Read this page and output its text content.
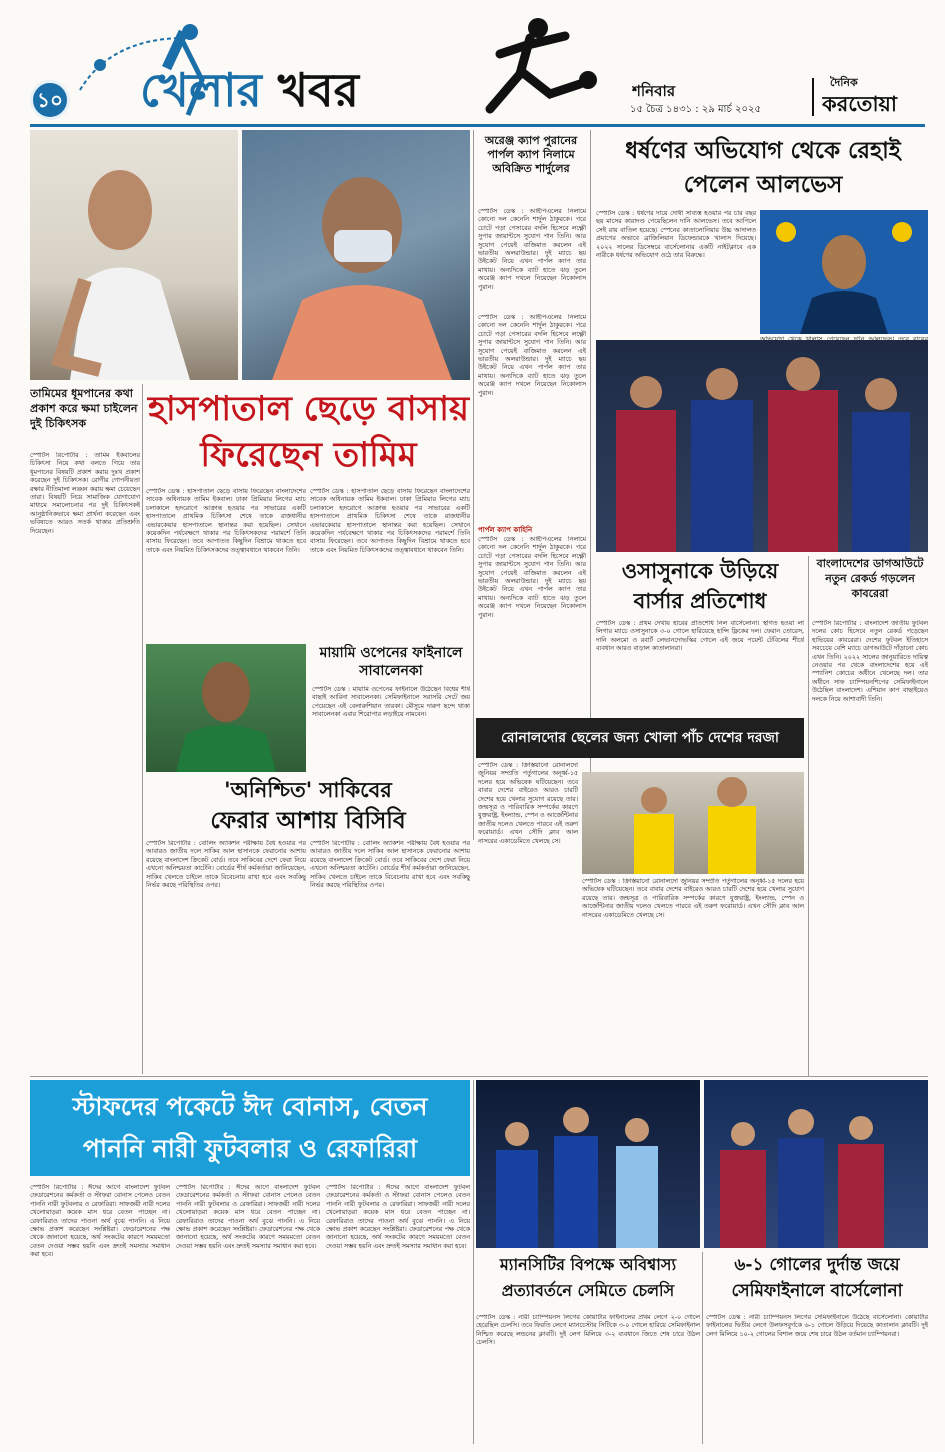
১০ খেলার খবর	শনিবার
১৫ চৈত্র ১৪৩১ : ২৯ মার্চ ২০২৫
দৈনিক
করতোয়া
অরেঞ্জ ক্যাপ পুরানের পার্পল ক্যাপ নিলামে অবিক্রিত শার্দুলের
স্পোর্টস ডেস্ক : আইপিএলের নিলামে কোনো দল কেনেনি শার্দুল ঠাকুরকে। পরে চোটে পড়া পেসারের বদলি হিসেবে লক্ষ্ণৌ সুপার জায়ান্টসে সুযোগ পান তিনি। আর সুযোগ পেয়েই বাজিমাত করলেন এই ভারতীয় অলরাউন্ডার। দুই ম্যাচে ছয় উইকেট নিয়ে এখন পার্পল ক্যাপ তার মাথায়। অন্যদিকে ব্যাট হাতে ঝড় তুলে অরেঞ্জ ক্যাপ দখলে নিয়েছেন নিকোলাস পুরান।
স্পোর্টস ডেস্ক : আইপিএলের নিলামে কোনো দল কেনেনি শার্দুল ঠাকুরকে। পরে চোটে পড়া পেসারের বদলি হিসেবে লক্ষ্ণৌ সুপার জায়ান্টসে সুযোগ পান তিনি। আর সুযোগ পেয়েই বাজিমাত করলেন এই ভারতীয় অলরাউন্ডার। দুই ম্যাচে ছয় উইকেট নিয়ে এখন পার্পল ক্যাপ তার মাথায়। অন্যদিকে ব্যাট হাতে ঝড় তুলে অরেঞ্জ ক্যাপ দখলে নিয়েছেন নিকোলাস পুরান।
পার্পল ক্যাপ কাহিনি
স্পোর্টস ডেস্ক : আইপিএলের নিলামে কোনো দল কেনেনি শার্দুল ঠাকুরকে। পরে চোটে পড়া পেসারের বদলি হিসেবে লক্ষ্ণৌ সুপার জায়ান্টসে সুযোগ পান তিনি। আর সুযোগ পেয়েই বাজিমাত করলেন এই ভারতীয় অলরাউন্ডার। দুই ম্যাচে ছয় উইকেট নিয়ে এখন পার্পল ক্যাপ তার মাথায়। অন্যদিকে ব্যাট হাতে ঝড় তুলে অরেঞ্জ ক্যাপ দখলে নিয়েছেন নিকোলাস পুরান।
ধর্ষণের অভিযোগ থেকে রেহাই পেলেন আলভেস
স্পোর্টস ডেস্ক : ধর্ষণের দায়ে দোষী সাব্যস্ত হওয়ার পর চার বছর ছয় মাসের কারাদণ্ড পেয়েছিলেন দানি আলভেস। তবে আপিলে সেই রায় বাতিল হয়েছে। স্পেনের কাতালোনিয়ার উচ্চ আদালত প্রমাণের অভাবে ব্রাজিলিয়ান ডিফেন্ডারকে খালাস দিয়েছে। ২০২২ সালের ডিসেম্বরে বার্সেলোনার একটি নাইটক্লাবে এক নারীকে ধর্ষণের অভিযোগ ওঠে তার বিরুদ্ধে।
তামিমের ধূমপানের কথা প্রকাশ করে ক্ষমা চাইলেন দুই চিকিৎসক	হাসপাতাল ছেড়ে বাসায় ফিরেছেন তামিম
স্পোর্টস রিপোর্টার : তামিম ইকবালের চিকিৎসা নিয়ে কথা বলতে গিয়ে তার ধূমপানের বিষয়টি প্রকাশ করায় দুঃখ প্রকাশ করেছেন দুই চিকিৎসক। রোগীর গোপনীয়তা রক্ষার নীতিমালা লঙ্ঘন করায় ক্ষমা চেয়েছেন তারা। বিষয়টি নিয়ে সামাজিক যোগাযোগ মাধ্যমে সমালোচনার পর দুই চিকিৎসকই আনুষ্ঠানিকভাবে ক্ষমা প্রার্থনা করেছেন এবং ভবিষ্যতে আরও সতর্ক থাকার প্রতিশ্রুতি দিয়েছেন।
স্পোর্টস ডেস্ক : হাসপাতাল ছেড়ে বাসায় ফিরেছেন বাংলাদেশের সাবেক অধিনায়ক তামিম ইকবাল। ঢাকা প্রিমিয়ার লিগের ম্যাচ চলাকালে হৃদরোগে আক্রান্ত হওয়ার পর সাভারের একটি হাসপাতালে প্রাথমিক চিকিৎসা শেষে তাকে রাজধানীর এভারকেয়ার হাসপাতালে স্থানান্তর করা হয়েছিল। সেখানে কয়েকদিন পর্যবেক্ষণে থাকার পর চিকিৎসকদের পরামর্শে তিনি বাসায় ফিরেছেন। তবে আপাতত কিছুদিন বিশ্রামে থাকতে হবে তাকে এবং নিয়মিত চিকিৎসকদের তত্ত্বাবধানে থাকবেন তিনি।
স্পোর্টস ডেস্ক : হাসপাতাল ছেড়ে বাসায় ফিরেছেন বাংলাদেশের সাবেক অধিনায়ক তামিম ইকবাল। ঢাকা প্রিমিয়ার লিগের ম্যাচ চলাকালে হৃদরোগে আক্রান্ত হওয়ার পর সাভারের একটি হাসপাতালে প্রাথমিক চিকিৎসা শেষে তাকে রাজধানীর এভারকেয়ার হাসপাতালে স্থানান্তর করা হয়েছিল। সেখানে কয়েকদিন পর্যবেক্ষণে থাকার পর চিকিৎসকদের পরামর্শে তিনি বাসায় ফিরেছেন। তবে আপাতত কিছুদিন বিশ্রামে থাকতে হবে তাকে এবং নিয়মিত চিকিৎসকদের তত্ত্বাবধানে থাকবেন তিনি।
মায়ামি ওপেনের ফাইনালে সাবালেনকা
স্পোর্টস ডেস্ক : মায়ামি ওপেনের ফাইনালে উঠেছেন বিশ্বের শীর্ষ বাছাই আরিনা সাবালেনকা। সেমিফাইনালে সরাসরি সেটে জয় পেয়েছেন এই বেলারুশিয়ান তারকা। মৌসুমে দারুণ ছন্দে থাকা সাবালেনকা এবার শিরোপার লড়াইয়ে নামবেন।
'অনিশ্চিত' সাকিবের
ফেরার আশায় বিসিবি
স্পোর্টস রিপোর্টার : বোলিং অ্যাকশন পরীক্ষায় বৈধ হওয়ার পর আবারও জাতীয় দলে সাকিব আল হাসানকে ফেরানোর আশায় রয়েছে বাংলাদেশ ক্রিকেট বোর্ড। তবে সাকিবের দেশে ফেরা নিয়ে এখনো অনিশ্চয়তা কাটেনি। বোর্ডের শীর্ষ কর্মকর্তারা জানিয়েছেন, সাকিব খেলতে চাইলে তাকে বিবেচনায় রাখা হবে এবং সবকিছু নির্ভর করছে পরিস্থিতির ওপর।
স্পোর্টস রিপোর্টার : বোলিং অ্যাকশন পরীক্ষায় বৈধ হওয়ার পর আবারও জাতীয় দলে সাকিব আল হাসানকে ফেরানোর আশায় রয়েছে বাংলাদেশ ক্রিকেট বোর্ড। তবে সাকিবের দেশে ফেরা নিয়ে এখনো অনিশ্চয়তা কাটেনি। বোর্ডের শীর্ষ কর্মকর্তারা জানিয়েছেন, সাকিব খেলতে চাইলে তাকে বিবেচনায় রাখা হবে এবং সবকিছু নির্ভর করছে পরিস্থিতির ওপর।
ওসাসুনাকে উড়িয়ে বার্সার প্রতিশোধ
স্পোর্টস ডেস্ক : প্রথম দেখায় হারের প্রতিশোধ নিল বার্সেলোনা। স্থগিত হওয়া লা লিগার ম্যাচে ওসাসুনাকে ৩-০ গোলে হারিয়েছে হান্সি ফ্লিকের দল। ফেরান তোরেস, দানি অলমো ও রবার্ট লেভানদোভস্কির গোলে এই জয়ে পয়েন্ট টেবিলের শীর্ষে ব্যবধান আরও বাড়াল কাতালানরা।
বাংলাদেশের ডাগআউটে নতুন রেকর্ড গড়লেন কাবরেরা
স্পোর্টস রিপোর্টার : বাংলাদেশ জাতীয় ফুটবল দলের কোচ হিসেবে নতুন রেকর্ড গড়েছেন হাভিয়ের কাবরেরা। দেশের ফুটবল ইতিহাসে সবচেয়ে বেশি ম্যাচে ডাগআউটে দাঁড়ানো কোচ এখন তিনি। ২০২২ সালের জানুয়ারিতে দায়িত্ব নেওয়ার পর থেকে বাংলাদেশের হয়ে এই স্প্যানিশ কোচের অধীনে খেলেছে দল। তার অধীনে সাফ চ্যাম্পিয়নশিপের সেমিফাইনালে উঠেছিল বাংলাদেশ। এশিয়ান কাপ বাছাইয়েও দলকে নিয়ে আশাবাদী তিনি।
রোনালদোর ছেলের জন্য খোলা পাঁচ দেশের দরজা
স্পোর্টস ডেস্ক : ক্রিস্তিয়ানো রোনালদো জুনিয়র সম্প্রতি পর্তুগালের অনূর্ধ্ব-১৫ দলের হয়ে অভিষেক ঘটিয়েছেন। তবে বাবার দেশের বাইরেও আরও চারটি দেশের হয়ে খেলার সুযোগ রয়েছে তার। জন্মসূত্র ও পারিবারিক সম্পর্কের কারণে যুক্তরাষ্ট্র, ইংল্যান্ড, স্পেন ও আর্জেন্টিনার জাতীয় দলেও খেলতে পারবে এই তরুণ ফরোয়ার্ড। এখন সৌদি ক্লাব আল নাসরের একাডেমিতে খেলছে সে।
স্পোর্টস ডেস্ক : ক্রিস্তিয়ানো রোনালদো জুনিয়র সম্প্রতি পর্তুগালের অনূর্ধ্ব-১৫ দলের হয়ে অভিষেক ঘটিয়েছেন। তবে বাবার দেশের বাইরেও আরও চারটি দেশের হয়ে খেলার সুযোগ রয়েছে তার। জন্মসূত্র ও পারিবারিক সম্পর্কের কারণে যুক্তরাষ্ট্র, ইংল্যান্ড, স্পেন ও আর্জেন্টিনার জাতীয় দলেও খেলতে পারবে এই তরুণ ফরোয়ার্ড। এখন সৌদি ক্লাব আল নাসরের একাডেমিতে খেলছে সে।
স্টাফদের পকেটে ঈদ বোনাস, বেতন পাননি নারী ফুটবলার ও রেফারিরা
স্পোর্টস রিপোর্টার : ঈদের আগে বাংলাদেশ ফুটবল ফেডারেশনের কর্মকর্তা ও স্টাফরা বোনাস পেলেও বেতন পাননি নারী ফুটবলার ও রেফারিরা। সাফজয়ী নারী দলের খেলোয়াড়রা কয়েক মাস ধরে বেতন পাচ্ছেন না। রেফারিরাও তাদের পাওনা অর্থ বুঝে পাননি। এ নিয়ে ক্ষোভ প্রকাশ করেছেন সংশ্লিষ্টরা। ফেডারেশনের পক্ষ থেকে জানানো হয়েছে, অর্থ সংকটের কারণে সময়মতো বেতন দেওয়া সম্ভব হয়নি এবং দ্রুতই সমস্যার সমাধান করা হবে।
স্পোর্টস রিপোর্টার : ঈদের আগে বাংলাদেশ ফুটবল ফেডারেশনের কর্মকর্তা ও স্টাফরা বোনাস পেলেও বেতন পাননি নারী ফুটবলার ও রেফারিরা। সাফজয়ী নারী দলের খেলোয়াড়রা কয়েক মাস ধরে বেতন পাচ্ছেন না। রেফারিরাও তাদের পাওনা অর্থ বুঝে পাননি। এ নিয়ে ক্ষোভ প্রকাশ করেছেন সংশ্লিষ্টরা। ফেডারেশনের পক্ষ থেকে জানানো হয়েছে, অর্থ সংকটের কারণে সময়মতো বেতন দেওয়া সম্ভব হয়নি এবং দ্রুতই সমস্যার সমাধান করা হবে।
স্পোর্টস রিপোর্টার : ঈদের আগে বাংলাদেশ ফুটবল ফেডারেশনের কর্মকর্তা ও স্টাফরা বোনাস পেলেও বেতন পাননি নারী ফুটবলার ও রেফারিরা। সাফজয়ী নারী দলের খেলোয়াড়রা কয়েক মাস ধরে বেতন পাচ্ছেন না। রেফারিরাও তাদের পাওনা অর্থ বুঝে পাননি। এ নিয়ে ক্ষোভ প্রকাশ করেছেন সংশ্লিষ্টরা। ফেডারেশনের পক্ষ থেকে জানানো হয়েছে, অর্থ সংকটের কারণে সময়মতো বেতন দেওয়া সম্ভব হয়নি এবং দ্রুতই সমস্যার সমাধান করা হবে।
ম্যানসিটির বিপক্ষে অবিশ্বাস্য প্রত্যাবর্তনে সেমিতে চেলসি
স্পোর্টস ডেস্ক : নারী চ্যাম্পিয়নস লিগের কোয়ার্টার ফাইনালের প্রথম লেগে ২-০ গোলে হেরেছিল চেলসি। তবে ফিরতি লেগে ম্যানচেস্টার সিটিকে ৩-০ গোলে হারিয়ে সেমিফাইনাল নিশ্চিত করেছে লন্ডনের ক্লাবটি। দুই লেগ মিলিয়ে ৩-২ ব্যবধানে জিতে শেষ চারে উঠল চেলসি।
৬-১ গোলের দুর্দান্ত জয়ে সেমিফাইনালে বার্সেলোনা
স্পোর্টস ডেস্ক : নারী চ্যাম্পিয়নস লিগের সেমিফাইনালে উঠেছে বার্সেলোনা। কোয়ার্টার ফাইনালের দ্বিতীয় লেগে উলফসবুর্গকে ৬-১ গোলে উড়িয়ে দিয়েছে কাতালান ক্লাবটি। দুই লেগ মিলিয়ে ১০-২ গোলের বিশাল জয়ে শেষ চারে উঠল বর্তমান চ্যাম্পিয়নরা।
